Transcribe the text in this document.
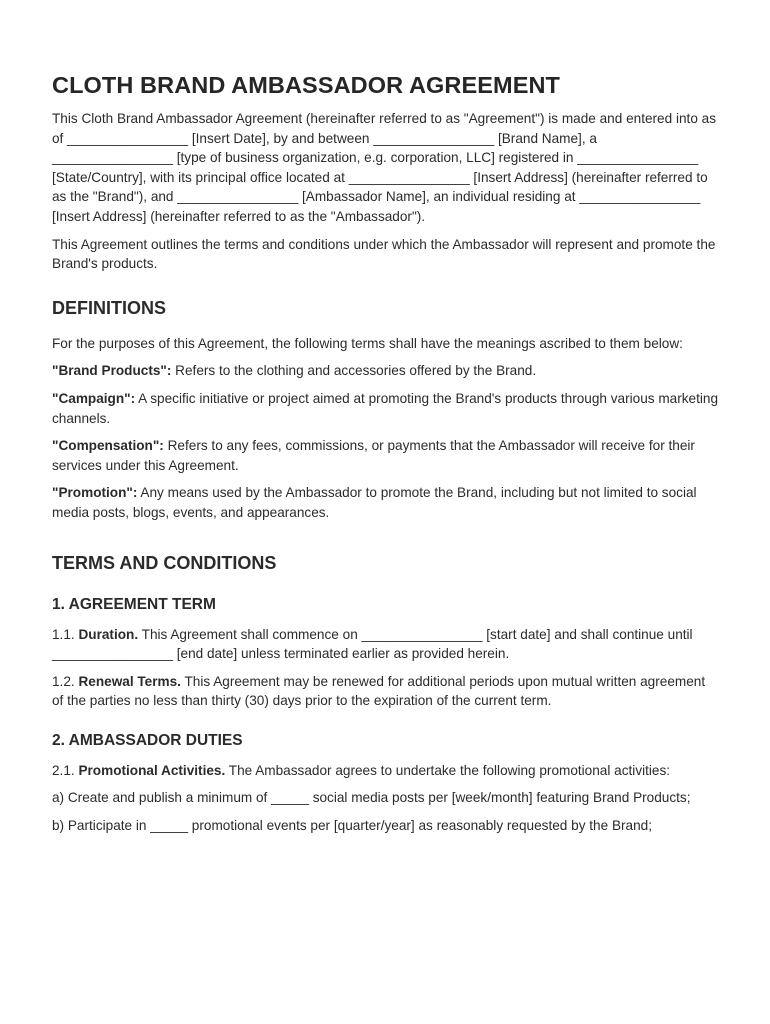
CLOTH BRAND AMBASSADOR AGREEMENT

This Cloth Brand Ambassador Agreement (hereinafter referred to as "Agreement") is made and entered into as of ________________ [Insert Date], by and between ________________ [Brand Name], a ________________ [type of business organization, e.g. corporation, LLC] registered in ________________ [State/Country], with its principal office located at ________________ [Insert Address] (hereinafter referred to as the "Brand"), and ________________ [Ambassador Name], an individual residing at ________________ [Insert Address] (hereinafter referred to as the "Ambassador").

This Agreement outlines the terms and conditions under which the Ambassador will represent and promote the Brand's products.

DEFINITIONS

For the purposes of this Agreement, the following terms shall have the meanings ascribed to them below:

"Brand Products": Refers to the clothing and accessories offered by the Brand.

"Campaign": A specific initiative or project aimed at promoting the Brand's products through various marketing channels.

"Compensation": Refers to any fees, commissions, or payments that the Ambassador will receive for their services under this Agreement.

"Promotion": Any means used by the Ambassador to promote the Brand, including but not limited to social media posts, blogs, events, and appearances.

TERMS AND CONDITIONS
1. AGREEMENT TERM

1.1. Duration. This Agreement shall commence on ________________ [start date] and shall continue until ________________ [end date] unless terminated earlier as provided herein.

1.2. Renewal Terms. This Agreement may be renewed for additional periods upon mutual written agreement of the parties no less than thirty (30) days prior to the expiration of the current term.

2. AMBASSADOR DUTIES

2.1. Promotional Activities. The Ambassador agrees to undertake the following promotional activities:

a) Create and publish a minimum of _____ social media posts per [week/month] featuring Brand Products;

b) Participate in _____ promotional events per [quarter/year] as reasonably requested by the Brand;
